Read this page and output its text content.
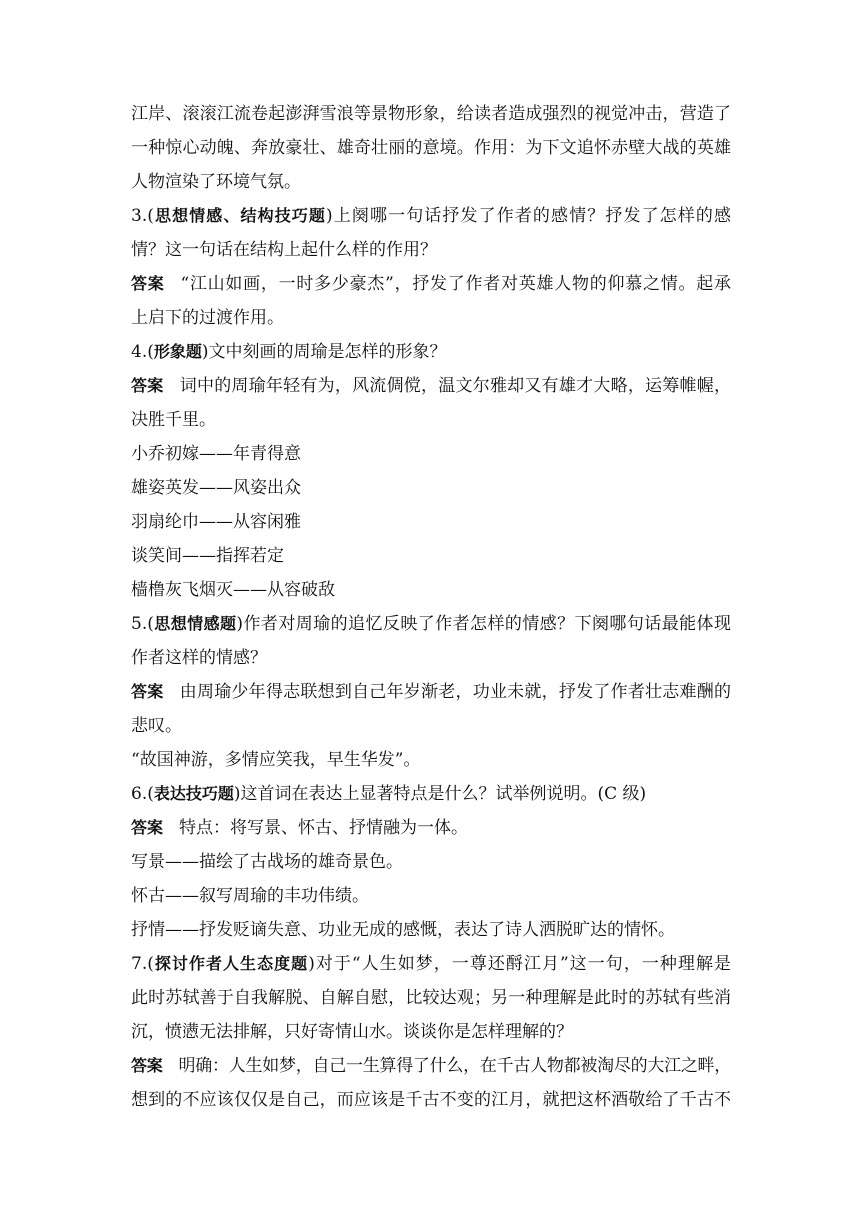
江岸、滚滚江流卷起澎湃雪浪等景物形象，给读者造成强烈的视觉冲击，营造了
一种惊心动魄、奔放豪壮、雄奇壮丽的意境。作用：为下文追怀赤壁大战的英雄
人物渲染了环境气氛。
3.(思想情感、结构技巧题)上阕哪一句话抒发了作者的感情？抒发了怎样的感
情？这一句话在结构上起什么样的作用？
答案 “江山如画，一时多少豪杰”，抒发了作者对英雄人物的仰慕之情。起承
上启下的过渡作用。
4.(形象题)文中刻画的周瑜是怎样的形象？
答案 词中的周瑜年轻有为，风流倜傥，温文尔雅却又有雄才大略，运筹帷幄，
决胜千里。
小乔初嫁——年青得意
雄姿英发——风姿出众
羽扇纶巾——从容闲雅
谈笑间——指挥若定
樯橹灰飞烟灭——从容破敌
5.(思想情感题)作者对周瑜的追忆反映了作者怎样的情感？下阕哪句话最能体现
作者这样的情感？
答案 由周瑜少年得志联想到自己年岁渐老，功业未就，抒发了作者壮志难酬的
悲叹。
“故国神游，多情应笑我，早生华发”。
6.(表达技巧题)这首词在表达上显著特点是什么？试举例说明。(C 级)
答案 特点：将写景、怀古、抒情融为一体。
写景——描绘了古战场的雄奇景色。
怀古——叙写周瑜的丰功伟绩。
抒情——抒发贬谪失意、功业无成的感慨，表达了诗人洒脱旷达的情怀。
7.(探讨作者人生态度题)对于“人生如梦，一尊还酹江月”这一句，一种理解是
此时苏轼善于自我解脱、自解自慰，比较达观；另一种理解是此时的苏轼有些消
沉，愤懑无法排解，只好寄情山水。谈谈你是怎样理解的？
答案 明确：人生如梦，自己一生算得了什么，在千古人物都被淘尽的大江之畔，
想到的不应该仅仅是自己，而应该是千古不变的江月，就把这杯酒敬给了千古不
